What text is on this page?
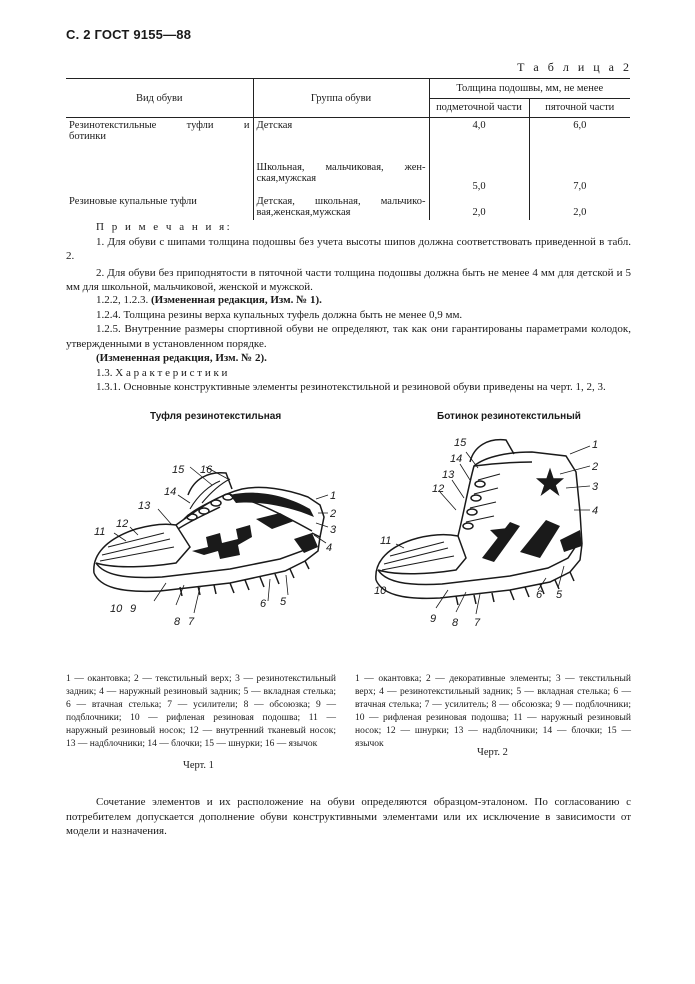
С. 2 ГОСТ 9155—88
Т а б л и ц а 2
Вид обуви	Группа обуви	Толщина подошвы, мм, не менее	
		подметочной части	пяточной части

Резинотекстильные туфли и
ботинки	Детская	4,0	6,0

	Школьная, мальчиковая, жен-
ская,мужская	5,0	7,0

Резиновые купальные туфли	Детская, школьная, мальчико-
вая,женская,мужская	2,0	2,0
П р и м е ч а н и я:
1. Для обуви с шипами толщина подошвы без учета высоты шипов должна соответствовать приведенной в табл. 2.
2. Для обуви без приподнятости в пяточной части толщина подошвы должна быть не менее 4 мм для детской и 5 мм для школьной, мальчиковой, женской и мужской.
1.2.2, 1.2.3. (Измененная редакция, Изм. № 1).
1.2.4. Толщина резины верха купальных туфель должна быть не менее 0,9 мм.
1.2.5. Внутренние размеры спортивной обуви не определяют, так как они гарантированы параметрами колодок, утвержденными в установленном порядке.
(Измененная редакция, Изм. № 2).
1.3. Х а р а к т е р и с т и к и
1.3.1. Основные конструктивные элементы резинотекстильной и резиновой обуви приведены на черт. 1, 2, 3.
Туфля резинотекстильная	Ботинок резинотекстильный
1
2
3
4
5
6
7
8
9
10
11
12
13
14
15 16
1
2
3
4
5
6
7
8
9
10
11
12
13
14
15
1 — окантовка; 2 — текстильный верх; 3 — резинотекстильный задник; 4 — наружный резиновый задник; 5 — вкладная стелька; 6 — втачная стелька; 7 — усилители; 8 — обсоюзка; 9 — подблочники; 10 — рифленая резиновая подошва; 11 — наружный резиновый носок; 12 — внутренний тканевый носок; 13 — надблочники; 14 — блочки; 15 — шнурки; 16 — язычок
1 — окантовка; 2 — декоративные элементы; 3 — текстильный верх; 4 — резинотекстильный задник; 5 — вкладная стелька; 6 — втачная стелька; 7 — усилитель; 8 — обсоюзка; 9 — подблочники; 10 — рифленая резиновая подошва; 11 — наружный резиновый носок; 12 — шнурки; 13 — надблочники; 14 — блочки; 15 — язычок
Черт. 1
Черт. 2
Сочетание элементов и их расположение на обуви определяются образцом-эталоном. По согласованию с потребителем допускается дополнение обуви конструктивными элементами или их исключение в зависимости от модели и назначения.
